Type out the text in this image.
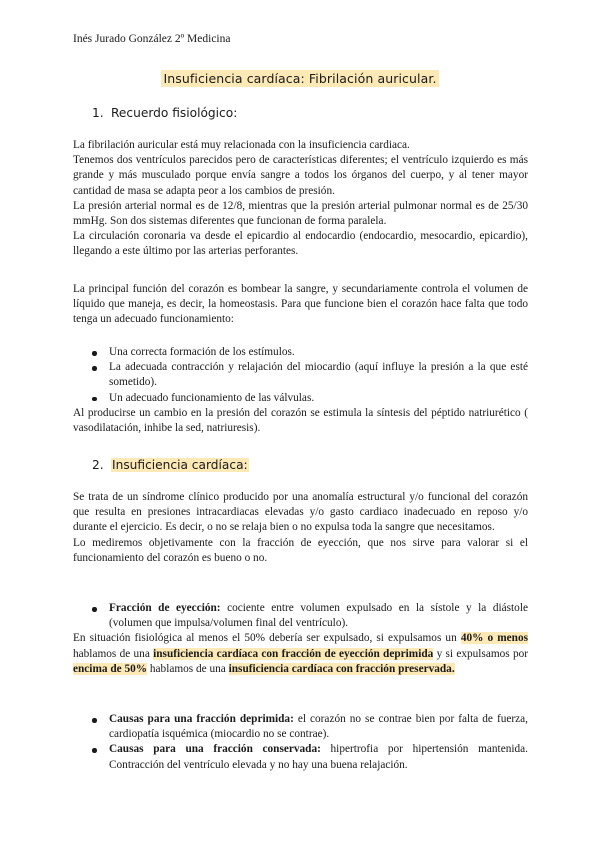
Inés Jurado González 2º Medicina
Insuficiencia cardíaca: Fibrilación auricular.
1. Recuerdo fisiológico:

La fibrilación auricular está muy relacionada con la insuficiencia cardiaca.

Tenemos dos ventrículos parecidos pero de características diferentes; el ventrículo izquierdo es más grande y más musculado porque envía sangre a todos los órganos del cuerpo, y al tener mayor cantidad de masa se adapta peor a los cambios de presión.

La presión arterial normal es de 12/8, mientras que la presión arterial pulmonar normal es de 25/30 mmHg. Son dos sistemas diferentes que funcionan de forma paralela.

La circulación coronaria va desde el epicardio al endocardio (endocardio, mesocardio, epicardio), llegando a este último por las arterias perforantes.

La principal función del corazón es bombear la sangre, y secundariamente controla el volumen de líquido que maneja, es decir, la homeostasis. Para que funcione bien el corazón hace falta que todo tenga un adecuado funcionamiento:

Una correcta formación de los estímulos.
La adecuada contracción y relajación del miocardio (aquí influye la presión a la que esté sometido).
Un adecuado funcionamiento de las válvulas.

Al producirse un cambio en la presión del corazón se estimula la síntesis del péptido natriurético ( vasodilatación, inhibe la sed, natriuresis).

2. Insuficiencia cardíaca:

Se trata de un síndrome clínico producido por una anomalía estructural y/o funcional del corazón que resulta en presiones intracardiacas elevadas y/o gasto cardiaco inadecuado en reposo y/o durante el ejercicio. Es decir, o no se relaja bien o no expulsa toda la sangre que necesitamos.

Lo mediremos objetivamente con la fracción de eyección, que nos sirve para valorar si el funcionamiento del corazón es bueno o no.

Fracción de eyección: cociente entre volumen expulsado en la sístole y la diástole (volumen que impulsa/volumen final del ventrículo).

En situación fisiológica al menos el 50% debería ser expulsado, si expulsamos un 40% o menos hablamos de una insuficiencia cardíaca con fracción de eyección deprimida y si expulsamos por encima de 50% hablamos de una insuficiencia cardíaca con fracción preservada.

Causas para una fracción deprimida: el corazón no se contrae bien por falta de fuerza, cardiopatía isquémica (miocardio no se contrae).
Causas para una fracción conservada: hipertrofia por hipertensión mantenida. Contracción del ventrículo elevada y no hay una buena relajación.
